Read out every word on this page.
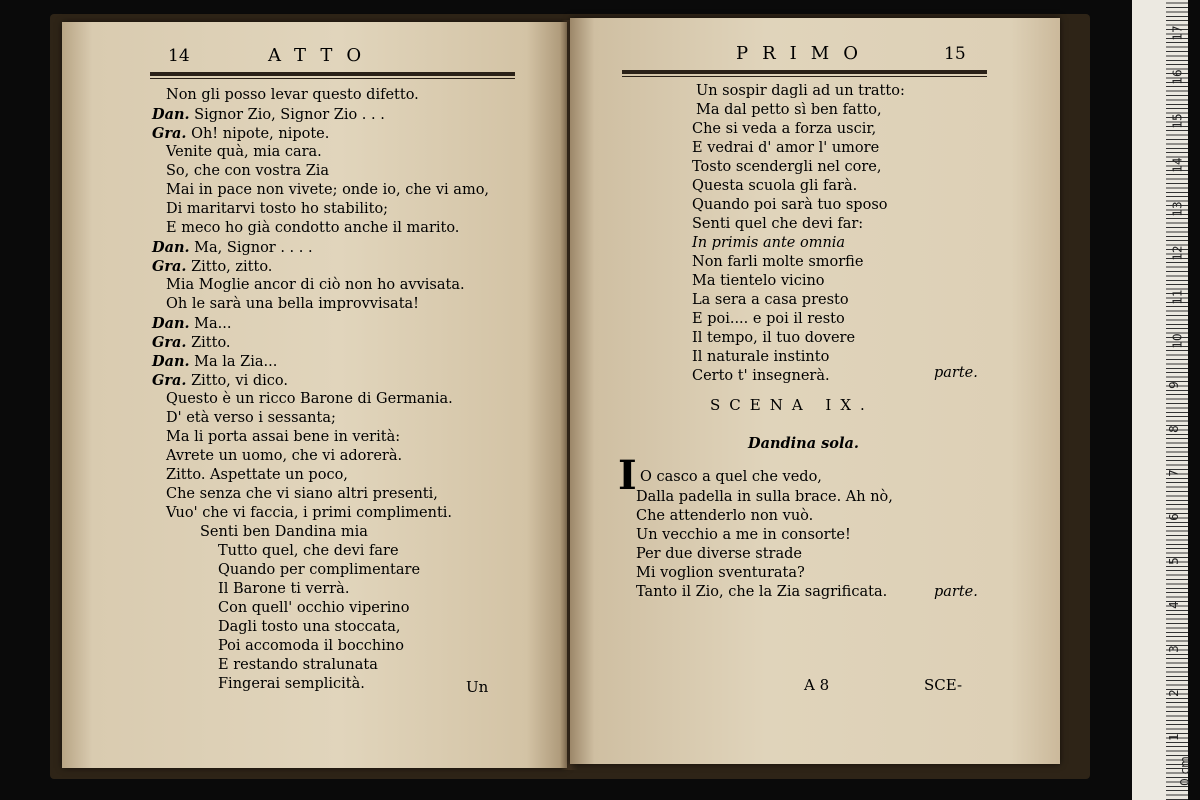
14	ATTO
Non gli posso levar questo difetto.
Dan. Signor Zio, Signor Zio . . .
Gra. Oh! nipote, nipote.
Venite quà, mia cara.
So, che con vostra Zia
Mai in pace non vivete; onde io, che vi amo,
Di maritarvi tosto ho stabilito;
E meco ho già condotto anche il marito.
Dan. Ma, Signor . . . .
Gra. Zitto, zitto.
Mia Moglie ancor di ciò non ho avvisata.
Oh le sarà una bella improvvisata!
Dan. Ma...
Gra. Zitto.
Dan. Ma la Zia...
Gra. Zitto, vi dico.
Questo è un ricco Barone di Germania.
D' età verso i sessanta;
Ma li porta assai bene in verità:
Avrete un uomo, che vi adorerà.
Zitto. Aspettate un poco,
Che senza che vi siano altri presenti,
Vuo' che vi faccia, i primi complimenti.
Senti ben Dandina mia
Tutto quel, che devi fare
Quando per complimentare
Il Barone ti verrà.
Con quell' occhio viperino
Dagli tosto una stoccata,
Poi accomoda il bocchino
E restando stralunata
Fingerai semplicità.	Un
PRIMO	15
Un sospir dagli ad un tratto:
Ma dal petto sì ben fatto,
Che si veda a forza uscir,
E vedrai d' amor l' umore
Tosto scendergli nel core,
Questa scuola gli farà.
Quando poi sarà tuo sposo
Senti quel che devi far:
In primis ante omnia
Non farli molte smorfie
Ma tientelo vicino
La sera a casa presto
E poi.... e poi il resto
Il tempo, il tuo dovere
Il naturale instinto
Certo t' insegnerà.	parte.
SCENA IX.
Dandina sola.
I O casco a quel che vedo,
Dalla padella in sulla brace. Ah nò,
Che attenderlo non vuò.
Un vecchio a me in consorte!
Per due diverse strade
Mi voglion sventurata?
Tanto il Zio, che la Zia sagrificata.	parte.
A 8	SCE-
0 cm
1
2
3
4
5
6
7
8
9
10
11
12
13
14
15
16
17
